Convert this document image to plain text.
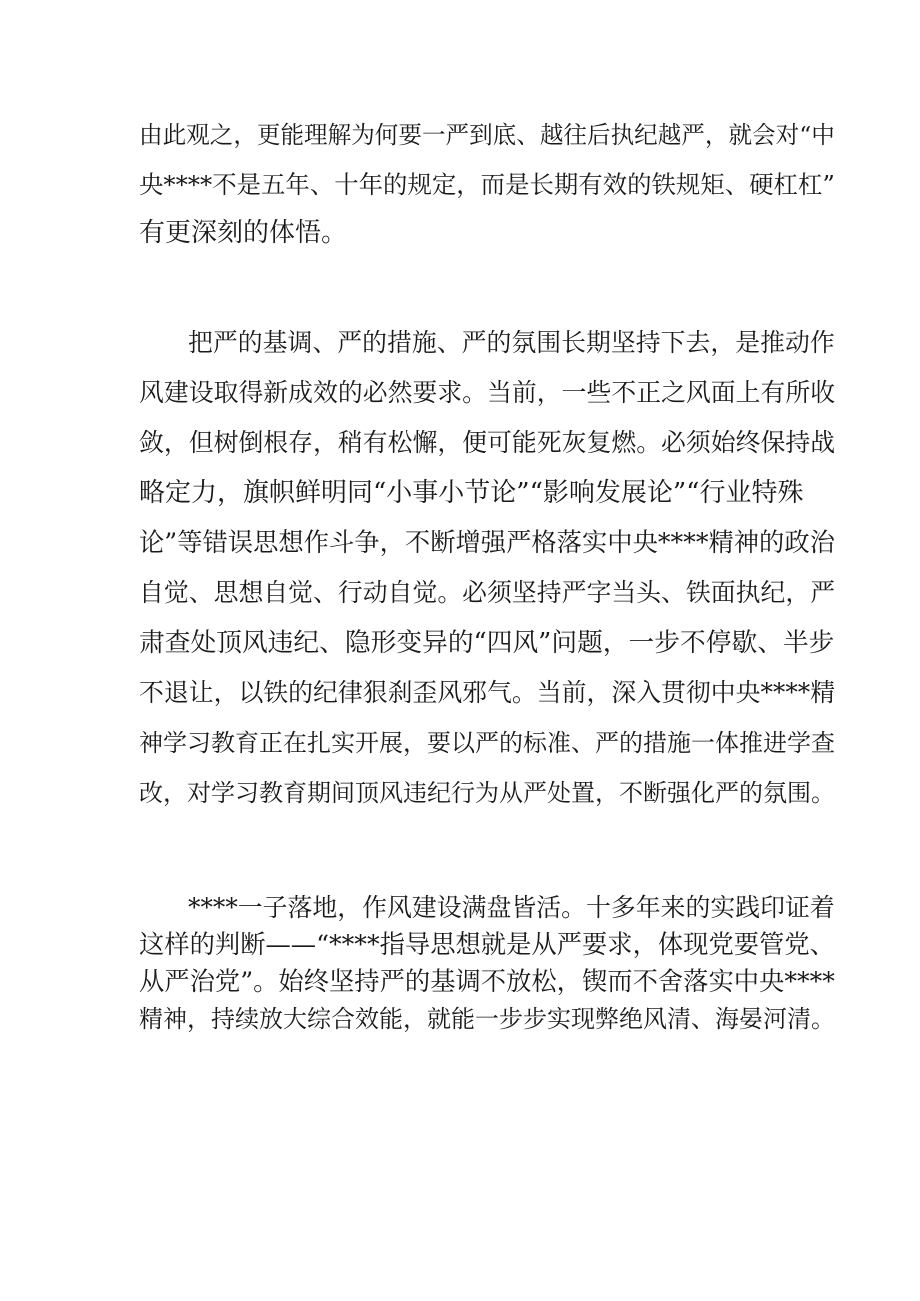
由此观之，更能理解为何要一严到底、越往后执纪越严，就会对“中
央****不是五年、十年的规定，而是长期有效的铁规矩、硬杠杠”
有更深刻的体悟。
把严的基调、严的措施、严的氛围长期坚持下去，是推动作
风建设取得新成效的必然要求。当前，一些不正之风面上有所收
敛，但树倒根存，稍有松懈，便可能死灰复燃。必须始终保持战
略定力，旗帜鲜明同“小事小节论”“影响发展论”“行业特殊
论”等错误思想作斗争，不断增强严格落实中央****精神的政治
自觉、思想自觉、行动自觉。必须坚持严字当头、铁面执纪，严
肃查处顶风违纪、隐形变异的“四风”问题，一步不停歇、半步
不退让，以铁的纪律狠刹歪风邪气。当前，深入贯彻中央****精
神学习教育正在扎实开展，要以严的标准、严的措施一体推进学查
改，对学习教育期间顶风违纪行为从严处置，不断强化严的氛围。
****一子落地，作风建设满盘皆活。十多年来的实践印证着
这样的判断——“****指导思想就是从严要求，体现党要管党、
从严治党”。始终坚持严的基调不放松，锲而不舍落实中央****
精神，持续放大综合效能，就能一步步实现弊绝风清、海晏河清。
